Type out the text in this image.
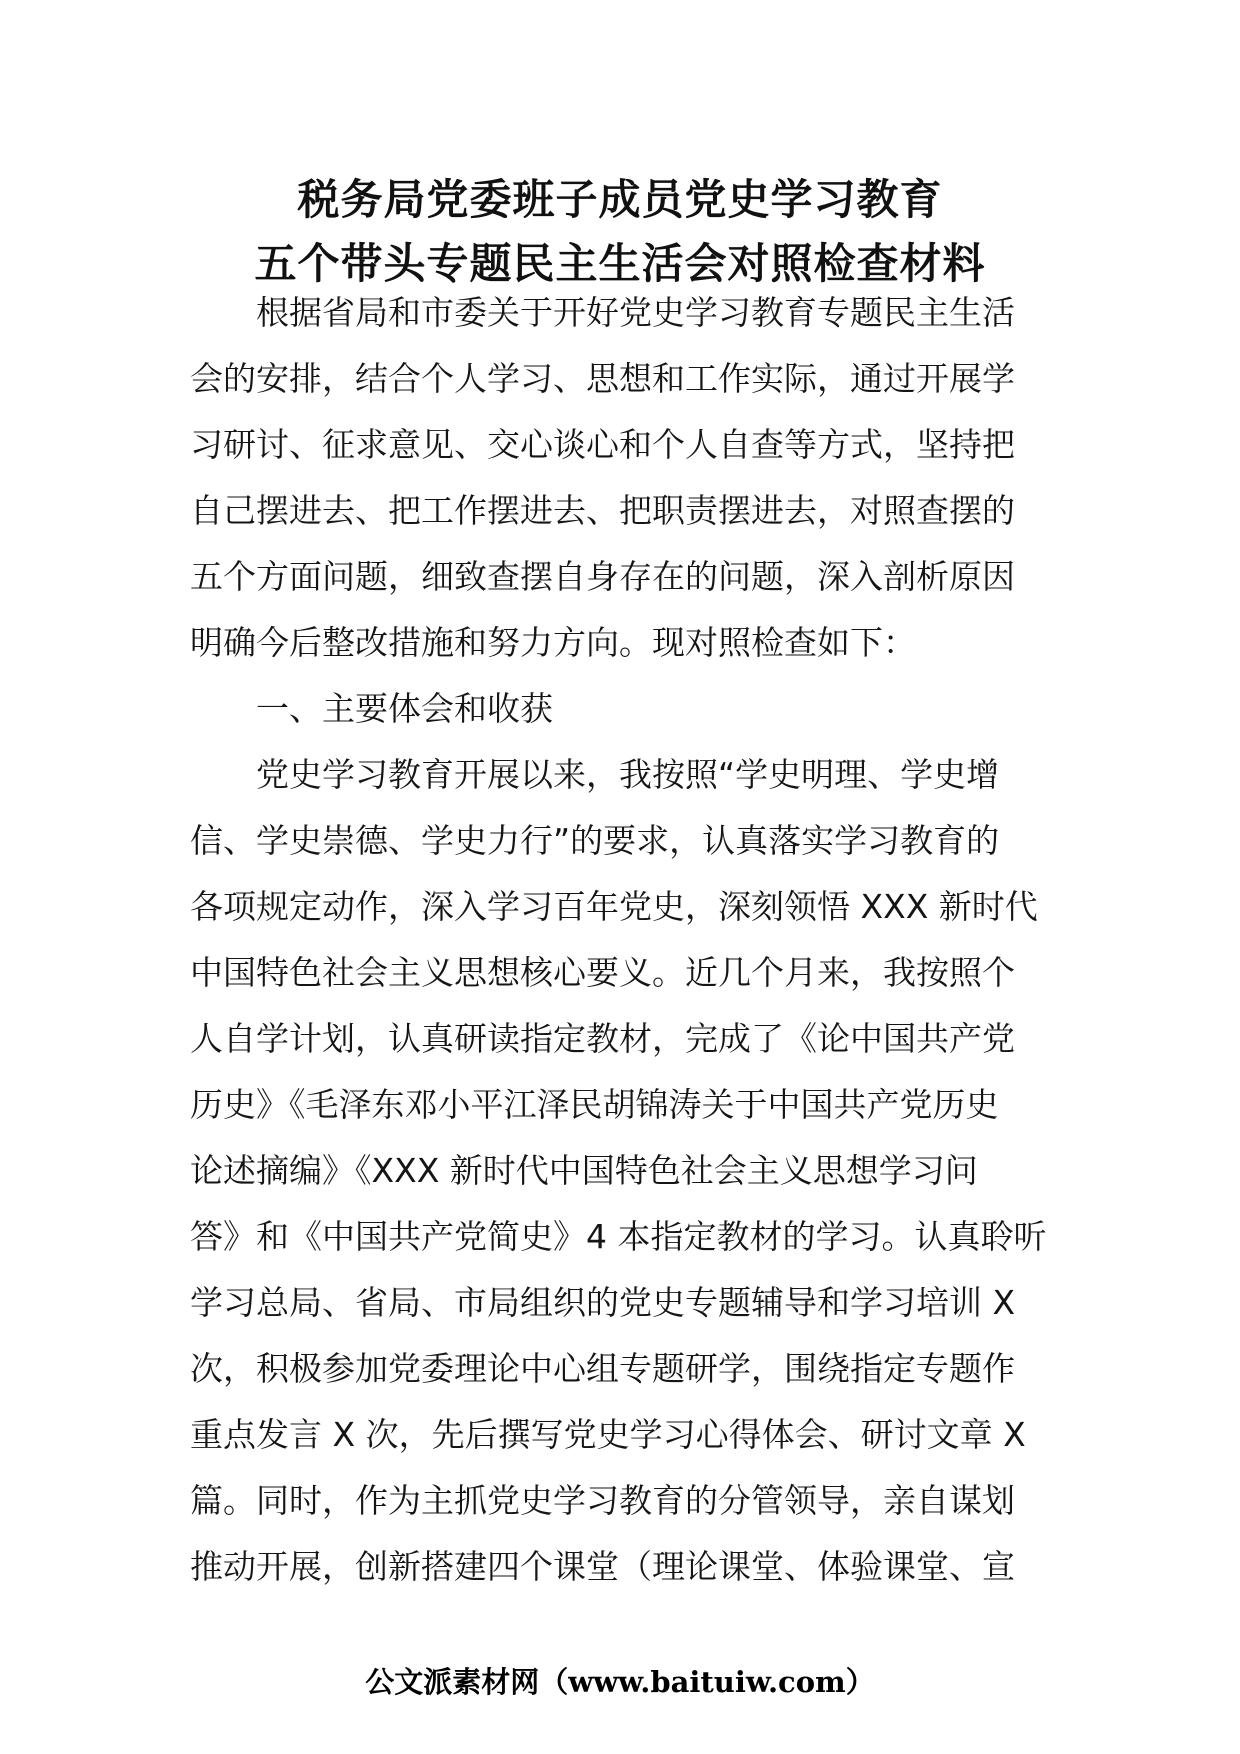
税务局党委班子成员党史学习教育
五个带头专题民主生活会对照检查材料
根据省局和市委关于开好党史学习教育专题民主生活
会的安排，结合个人学习、思想和工作实际，通过开展学
习研讨、征求意见、交心谈心和个人自查等方式，坚持把
自己摆进去、把工作摆进去、把职责摆进去，对照查摆的
五个方面问题，细致查摆自身存在的问题，深入剖析原因
明确今后整改措施和努力方向。现对照检查如下：
一、主要体会和收获
党史学习教育开展以来，我按照“学史明理、学史增
信、学史崇德、学史力行”的要求，认真落实学习教育的
各项规定动作，深入学习百年党史，深刻领悟 XXX 新时代
中国特色社会主义思想核心要义。近几个月来，我按照个
人自学计划，认真研读指定教材，完成了《论中国共产党
历史》《毛泽东邓小平江泽民胡锦涛关于中国共产党历史
论述摘编》《XXX 新时代中国特色社会主义思想学习问
答》和《中国共产党简史》4 本指定教材的学习。认真聆听
学习总局、省局、市局组织的党史专题辅导和学习培训 X
次，积极参加党委理论中心组专题研学，围绕指定专题作
重点发言 X 次，先后撰写党史学习心得体会、研讨文章 X
篇。同时，作为主抓党史学习教育的分管领导，亲自谋划
推动开展，创新搭建四个课堂（理论课堂、体验课堂、宣
公文派素材网（www.baituiw.com）
